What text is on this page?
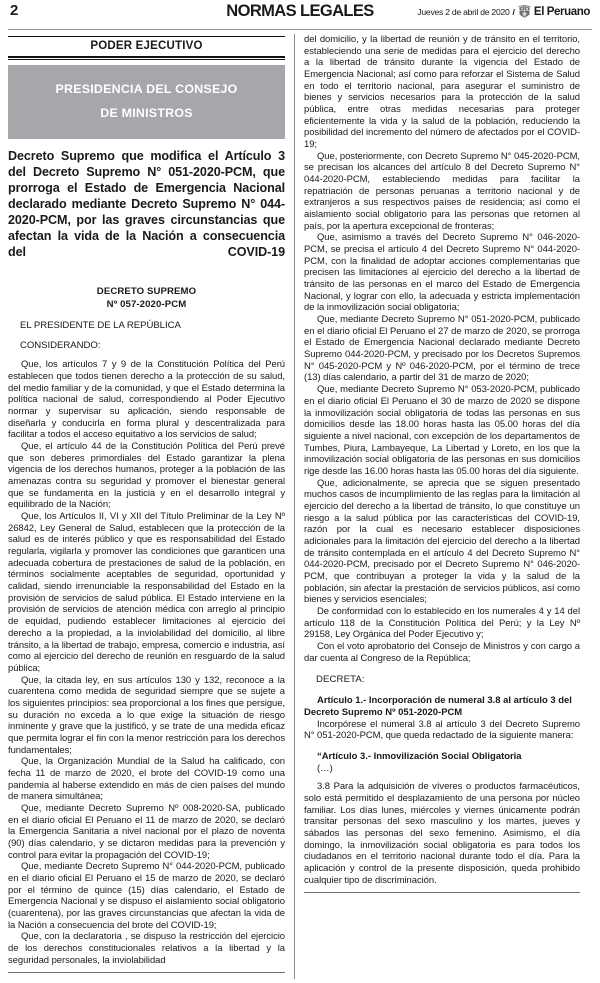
2	NORMAS LEGALES	Jueves 2 de abril de 2020 / El Peruano
PODER EJECUTIVO
PRESIDENCIA DEL CONSEJO
DE MINISTROS
Decreto Supremo que modifica el Artículo 3 del Decreto Supremo N° 051-2020-PCM, que prorroga el Estado de Emergencia Nacional declarado mediante Decreto Supremo N° 044-2020-PCM, por las graves circunstancias que afectan la vida de la Nación a consecuencia del COVID-19
DECRETO SUPREMO
Nº 057-2020-PCM
EL PRESIDENTE DE LA REPÚBLICA
CONSIDERANDO:

Que, los artículos 7 y 9 de la Constitución Política del Perú establecen que todos tienen derecho a la protección de su salud, del medio familiar y de la comunidad, y que el Estado determina la política nacional de salud, correspondiendo al Poder Ejecutivo normar y supervisar su aplicación, siendo responsable de diseñarla y conducirla en forma plural y descentralizada para facilitar a todos el acceso equitativo a los servicios de salud;

Que, el artículo 44 de la Constitución Política del Perú prevé que son deberes primordiales del Estado garantizar la plena vigencia de los derechos humanos, proteger a la población de las amenazas contra su seguridad y promover el bienestar general que se fundamenta en la justicia y en el desarrollo integral y equilibrado de la Nación;

Que, los Artículos II, VI y XII del Título Preliminar de la Ley Nº 26842, Ley General de Salud, establecen que la protección de la salud es de interés público y que es responsabilidad del Estado regularla, vigilarla y promover las condiciones que garanticen una adecuada cobertura de prestaciones de salud de la población, en términos socialmente aceptables de seguridad, oportunidad y calidad, siendo irrenunciable la responsabilidad del Estado en la provisión de servicios de salud pública. El Estado interviene en la provisión de servicios de atención médica con arreglo al principio de equidad, pudiendo establecer limitaciones al ejercicio del derecho a la propiedad, a la inviolabilidad del domicilio, al libre tránsito, a la libertad de trabajo, empresa, comercio e industria, así como al ejercicio del derecho de reunión en resguardo de la salud pública;

Que, la citada ley, en sus artículos 130 y 132, reconoce a la cuarentena como medida de seguridad siempre que se sujete a los siguientes principios: sea proporcional a los fines que persigue, su duración no exceda a lo que exige la situación de riesgo inminente y grave que la justificó, y se trate de una medida eficaz que permita lograr el fin con la menor restricción para los derechos fundamentales;

Que, la Organización Mundial de la Salud ha calificado, con fecha 11 de marzo de 2020, el brote del COVID-19 como una pandemia al haberse extendido en más de cien países del mundo de manera simultánea;

Que, mediante Decreto Supremo Nº 008-2020-SA, publicado en el diario oficial El Peruano el 11 de marzo de 2020, se declaró la Emergencia Sanitaria a nivel nacional por el plazo de noventa (90) días calendario, y se dictaron medidas para la prevención y control para evitar la propagación del COVID-19;

Que, mediante Decreto Supremo N° 044-2020-PCM, publicado en el diario oficial El Peruano el 15 de marzo de 2020, se declaró por el término de quince (15) días calendario, el Estado de Emergencia Nacional y se dispuso el aislamiento social obligatorio (cuarentena), por las graves circunstancias que afectan la vida de la Nación a consecuencia del brote del COVID-19;

Que, con la declaratoria , se dispuso la restricción del ejercicio de los derechos constitucionales relativos a la libertad y la seguridad personales, la inviolabilidad

del domicilio, y la libertad de reunión y de tránsito en el territorio, estableciendo una serie de medidas para el ejercicio del derecho a la libertad de tránsito durante la vigencia del Estado de Emergencia Nacional; así como para reforzar el Sistema de Salud en todo el territorio nacional, para asegurar el suministro de bienes y servicios necesarios para la protección de la salud pública, entre otras medidas necesarias para proteger eficientemente la vida y la salud de la población, reduciendo la posibilidad del incremento del número de afectados por el COVID-19;

Que, posteriormente, con Decreto Supremo N° 045-2020-PCM, se precisan los alcances del artículo 8 del Decreto Supremo N° 044-2020-PCM, estableciendo medidas para facilitar la repatriación de personas peruanas a territorio nacional y de extranjeros a sus respectivos países de residencia; así como el aislamiento social obligatorio para las personas que retornen al país, por la apertura excepcional de fronteras;

Que, asimismo a través del Decreto Supremo N° 046-2020-PCM, se precisa el artículo 4 del Decreto Supremo N° 044-2020-PCM, con la finalidad de adoptar acciones complementarias que precisen las limitaciones al ejercicio del derecho a la libertad de tránsito de las personas en el marco del Estado de Emergencia Nacional, y lograr con ello, la adecuada y estricta implementación de la inmovilización social obligatoria;

Que, mediante Decreto Supremo N° 051-2020-PCM, publicado en el diario oficial El Peruano el 27 de marzo de 2020, se prorroga el Estado de Emergencia Nacional declarado mediante Decreto Supremo 044-2020-PCM, y precisado por los Decretos Supremos N° 045-2020-PCM y Nº 046-2020-PCM, por el término de trece (13) días calendario, a partir del 31 de marzo de 2020;

Que, mediante Decreto Supremo N° 053-2020-PCM, publicado en el diario oficial El Peruano el 30 de marzo de 2020 se dispone la inmovilización social obligatoria de todas las personas en sus domicilios desde las 18.00 horas hasta las 05.00 horas del día siguiente a nivel nacional, con excepción de los departamentos de Tumbes, Piura, Lambayeque, La Libertad y Loreto, en los que la inmovilización social obligatoria de las personas en sus domicilios rige desde las 16.00 horas hasta las 05.00 horas del día siguiente.

Que, adicionalmente, se aprecia que se siguen presentado muchos casos de incumplimiento de las reglas para la limitación al ejercicio del derecho a la libertad de tránsito, lo que constituye un riesgo a la salud pública por las características del COVID-19, razón por la cual es necesario establecer disposiciones adicionales para la limitación del ejercicio del derecho a la libertad de tránsito contemplada en el artículo 4 del Decreto Supremo N° 044-2020-PCM, precisado por el Decreto Supremo N° 046-2020-PCM, que contribuyan a proteger la vida y la salud de la población, sin afectar la prestación de servicios públicos, así como bienes y servicios esenciales;

De conformidad con lo establecido en los numerales 4 y 14 del artículo 118 de la Constitución Política del Perú; y la Ley Nº 29158, Ley Orgánica del Poder Ejecutivo y;

Con el voto aprobatorio del Consejo de Ministros y con cargo a dar cuenta al Congreso de la República;

DECRETA:

Artículo 1.- Incorporación de numeral 3.8 al artículo 3 del Decreto Supremo Nº 051-2020-PCM

Incorpórese el numeral 3.8 al artículo 3 del Decreto Supremo N° 051-2020-PCM, que queda redactado de la siguiente manera:

“Artículo 3.- Inmovilización Social Obligatoria

(…)

3.8 Para la adquisición de víveres o productos farmacéuticos, solo está permitido el desplazamiento de una persona por núcleo familiar. Los días lunes, miércoles y viernes únicamente podrán transitar personas del sexo masculino y los martes, jueves y sábados las personas del sexo femenino. Asimismo, el día domingo, la inmovilización social obligatoria es para todos los ciudadanos en el territorio nacional durante todo el día. Para la aplicación y control de la presente disposición, queda prohibido cualquier tipo de discriminación.
